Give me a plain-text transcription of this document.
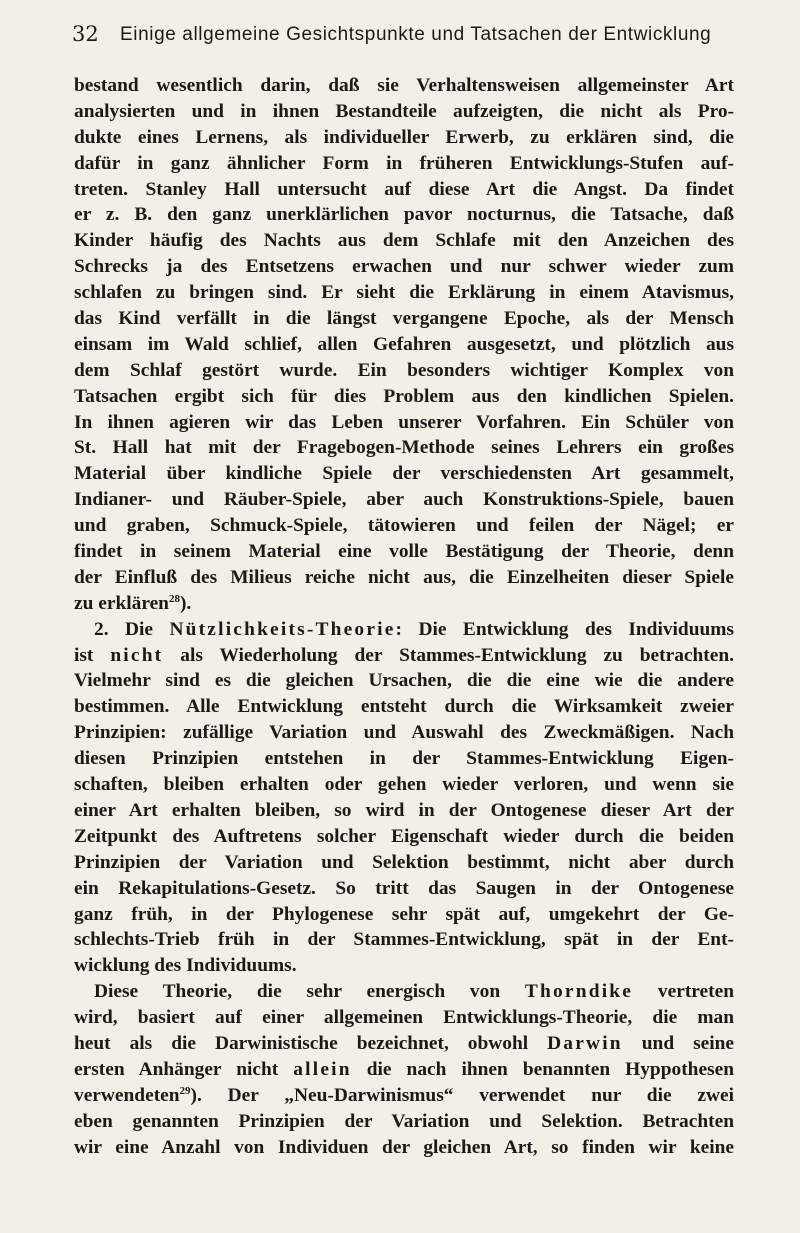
32 Einige allgemeine Gesichtspunkte und Tatsachen der Entwicklung
bestand wesentlich darin, daß sie Verhaltensweisen allgemeinster Art
analysierten und in ihnen Bestandteile aufzeigten, die nicht als Pro-
dukte eines Lernens, als individueller Erwerb, zu erklären sind, die
dafür in ganz ähnlicher Form in früheren Entwicklungs-Stufen auf-
treten. Stanley Hall untersucht auf diese Art die Angst. Da findet
er z. B. den ganz unerklärlichen pavor nocturnus, die Tatsache, daß
Kinder häufig des Nachts aus dem Schlafe mit den Anzeichen des
Schrecks ja des Entsetzens erwachen und nur schwer wieder zum
schlafen zu bringen sind. Er sieht die Erklärung in einem Atavismus,
das Kind verfällt in die längst vergangene Epoche, als der Mensch
einsam im Wald schlief, allen Gefahren ausgesetzt, und plötzlich aus
dem Schlaf gestört wurde. Ein besonders wichtiger Komplex von
Tatsachen ergibt sich für dies Problem aus den kindlichen Spielen.
In ihnen agieren wir das Leben unserer Vorfahren. Ein Schüler von
St. Hall hat mit der Fragebogen-Methode seines Lehrers ein großes
Material über kindliche Spiele der verschiedensten Art gesammelt,
Indianer- und Räuber-Spiele, aber auch Konstruktions-Spiele, bauen
und graben, Schmuck-Spiele, tätowieren und feilen der Nägel; er
findet in seinem Material eine volle Bestätigung der Theorie, denn
der Einfluß des Milieus reiche nicht aus, die Einzelheiten dieser Spiele
zu erklären$^{28}$).
2. Die Nützlichkeits-Theorie: Die Entwicklung des Individuums
ist nicht als Wiederholung der Stammes-Entwicklung zu betrachten.
Vielmehr sind es die gleichen Ursachen, die die eine wie die andere
bestimmen. Alle Entwicklung entsteht durch die Wirksamkeit zweier
Prinzipien: zufällige Variation und Auswahl des Zweckmäßigen. Nach
diesen Prinzipien entstehen in der Stammes-Entwicklung Eigen-
schaften, bleiben erhalten oder gehen wieder verloren, und wenn sie
einer Art erhalten bleiben, so wird in der Ontogenese dieser Art der
Zeitpunkt des Auftretens solcher Eigenschaft wieder durch die beiden
Prinzipien der Variation und Selektion bestimmt, nicht aber durch
ein Rekapitulations-Gesetz. So tritt das Saugen in der Ontogenese
ganz früh, in der Phylogenese sehr spät auf, umgekehrt der Ge-
schlechts-Trieb früh in der Stammes-Entwicklung, spät in der Ent-
wicklung des Individuums.
Diese Theorie, die sehr energisch von Thorndike vertreten
wird, basiert auf einer allgemeinen Entwicklungs-Theorie, die man
heut als die Darwinistische bezeichnet, obwohl Darwin und seine
ersten Anhänger nicht allein die nach ihnen benannten Hyppothesen
verwendeten$^{29}$). Der „Neu-Darwinismus“ verwendet nur die zwei
eben genannten Prinzipien der Variation und Selektion. Betrachten
wir eine Anzahl von Individuen der gleichen Art, so finden wir keine
